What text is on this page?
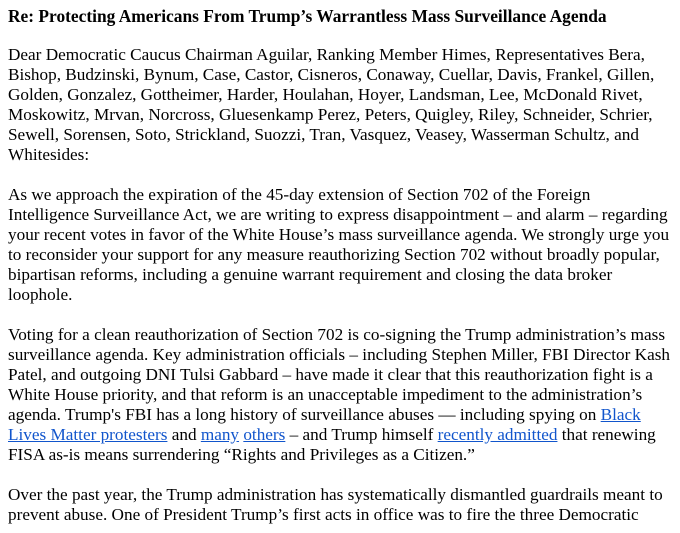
Re: Protecting Americans From Trump’s Warrantless Mass Surveillance Agenda

Dear Democratic Caucus Chairman Aguilar, Ranking Member Himes, Representatives Bera, Bishop, Budzinski, Bynum, Case, Castor, Cisneros, Conaway, Cuellar, Davis, Frankel, Gillen, Golden, Gonzalez, Gottheimer, Harder, Houlahan, Hoyer, Landsman, Lee, McDonald Rivet, Moskowitz, Mrvan, Norcross, Gluesenkamp Perez, Peters, Quigley, Riley, Schneider, Schrier, Sewell, Sorensen, Soto, Strickland, Suozzi, Tran, Vasquez, Veasey, Wasserman Schultz, and Whitesides:

As we approach the expiration of the 45-day extension of Section 702 of the Foreign Intelligence Surveillance Act, we are writing to express disappointment – and alarm – regarding your recent votes in favor of the White House’s mass surveillance agenda. We strongly urge you to reconsider your support for any measure reauthorizing Section 702 without broadly popular, bipartisan reforms, including a genuine warrant requirement and closing the data broker loophole.

Voting for a clean reauthorization of Section 702 is co-signing the Trump administration’s mass surveillance agenda. Key administration officials – including Stephen Miller, FBI Director Kash Patel, and outgoing DNI Tulsi Gabbard – have made it clear that this reauthorization fight is a White House priority, and that reform is an unacceptable impediment to the administration’s agenda. Trump's FBI has a long history of surveillance abuses — including spying on Black Lives Matter protesters and many others – and Trump himself recently admitted that renewing FISA as-is means surrendering “Rights and Privileges as a Citizen.”

Over the past year, the Trump administration has systematically dismantled guardrails meant to prevent abuse. One of President Trump’s first acts in office was to fire the three Democratic
